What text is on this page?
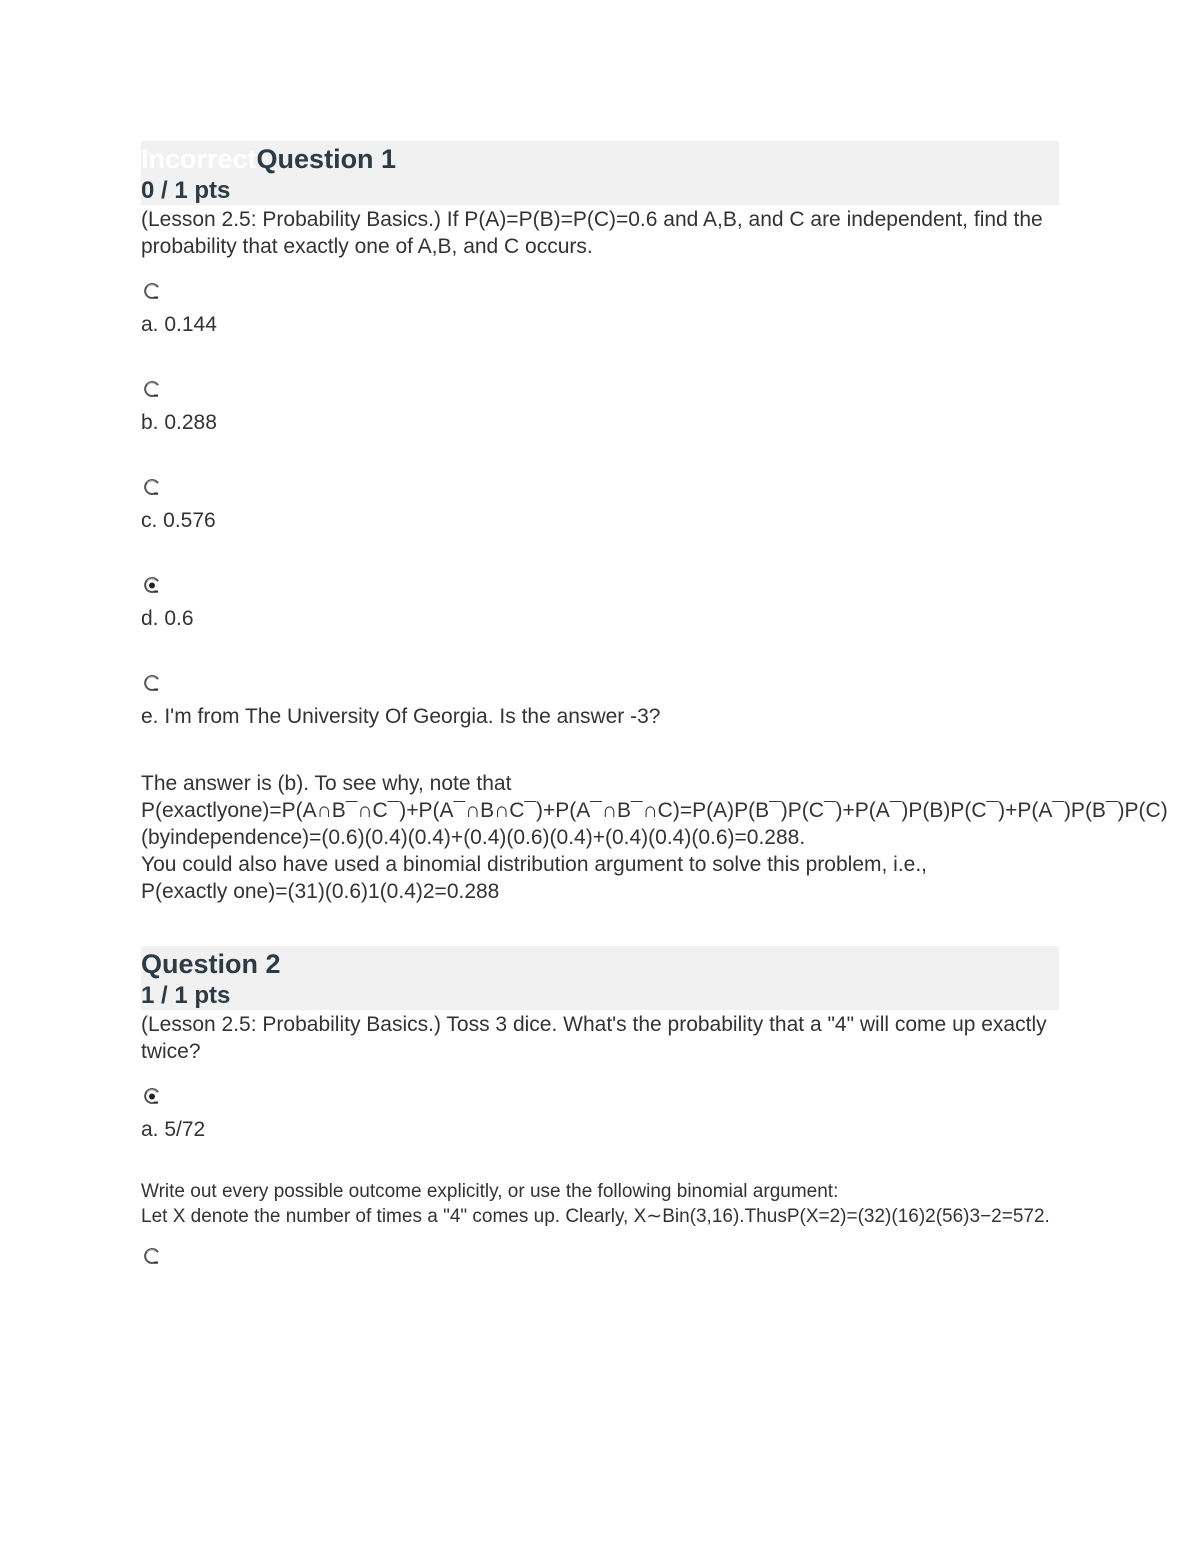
IncorrectQuestion 1
0 / 1 pts
(Lesson 2.5: Probability Basics.) If P(A)=P(B)=P(C)=0.6 and A,B, and C are independent, find the probability that exactly one of A,B, and C occurs.
a. 0.144
b. 0.288
c. 0.576
d. 0.6
e. I'm from The University Of Georgia. Is the answer -3?

The answer is (b). To see why, note that

P(exactlyone)=P(A∩B¯∩C¯)+P(A¯∩B∩C¯)+P(A¯∩B¯∩C)=P(A)P(B¯)P(C¯)+P(A¯)P(B)P(C¯)+P(A¯)P(B¯)P(C)(byindependence)=(0.6)(0.4)(0.4)+(0.4)(0.6)(0.4)+(0.4)(0.4)(0.6)=0.288.

You could also have used a binomial distribution argument to solve this problem, i.e.,

P(exactly one)=(31)(0.6)1(0.4)2=0.288

Question 2
1 / 1 pts
(Lesson 2.5: Probability Basics.) Toss 3 dice. What's the probability that a "4" will come up exactly twice?
a. 5/72

Write out every possible outcome explicitly, or use the following binomial argument:

Let X denote the number of times a "4" comes up. Clearly, X∼Bin(3,16).ThusP(X=2)=(32)(16)2(56)3−2=572.
